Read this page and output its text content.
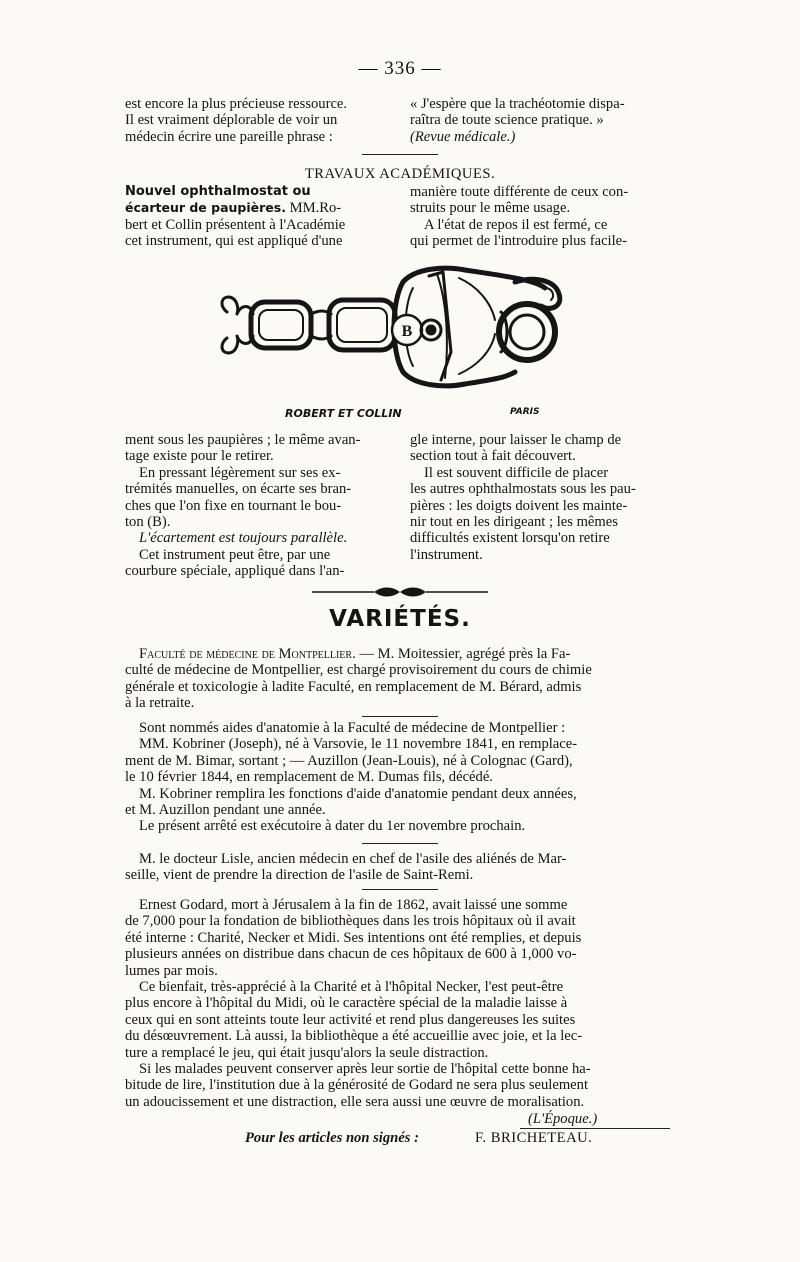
— 336 —

est encore la plus précieuse ressource.

Il est vraiment déplorable de voir un

médecin écrire une pareille phrase :

« J'espère que la trachéotomie dispa-

raîtra de toute science pratique. »

(Revue médicale.)

TRAVAUX ACADÉMIQUES.

Nouvel ophthalmostat ou

écarteur de paupières. MM.Ro-

bert et Collin présentent à l'Académie

cet instrument, qui est appliqué d'une

manière toute différente de ceux con-

struits pour le même usage.

A l'état de repos il est fermé, ce

qui permet de l'introduire plus facile-

B
ROBERT ET COLLIN	PARIS

ment sous les paupières ; le même avan-

tage existe pour le retirer.

En pressant légèrement sur ses ex-

trémités manuelles, on écarte ses bran-

ches que l'on fixe en tournant le bou-

ton (B).

L'écartement est toujours parallèle.

Cet instrument peut être, par une

courbure spéciale, appliqué dans l'an-

gle interne, pour laisser le champ de

section tout à fait découvert.

Il est souvent difficile de placer

les autres ophthalmostats sous les pau-

pières : les doigts doivent les mainte-

nir tout en les dirigeant ; les mêmes

difficultés existent lorsqu'on retire

l'instrument.

VARIÉTÉS.

Faculté de médecine de Montpellier. — M. Moitessier, agrégé près la Fa-

culté de médecine de Montpellier, est chargé provisoirement du cours de chimie

générale et toxicologie à ladite Faculté, en remplacement de M. Bérard, admis

à la retraite.

Sont nommés aides d'anatomie à la Faculté de médecine de Montpellier :

MM. Kobriner (Joseph), né à Varsovie, le 11 novembre 1841, en remplace-

ment de M. Bimar, sortant ; — Auzillon (Jean-Louis), né à Colognac (Gard),

le 10 février 1844, en remplacement de M. Dumas fils, décédé.

M. Kobriner remplira les fonctions d'aide d'anatomie pendant deux années,

et M. Auzillon pendant une année.

Le présent arrêté est exécutoire à dater du 1er novembre prochain.

M. le docteur Lisle, ancien médecin en chef de l'asile des aliénés de Mar-

seille, vient de prendre la direction de l'asile de Saint-Remi.

Ernest Godard, mort à Jérusalem à la fin de 1862, avait laissé une somme

de 7,000 pour la fondation de bibliothèques dans les trois hôpitaux où il avait

été interne : Charité, Necker et Midi. Ses intentions ont été remplies, et depuis

plusieurs années on distribue dans chacun de ces hôpitaux de 600 à 1,000 vo-

lumes par mois.

Ce bienfait, très-apprécié à la Charité et à l'hôpital Necker, l'est peut-être

plus encore à l'hôpital du Midi, où le caractère spécial de la maladie laisse à

ceux qui en sont atteints toute leur activité et rend plus dangereuses les suites

du désœuvrement. Là aussi, la bibliothèque a été accueillie avec joie, et la lec-

ture a remplacé le jeu, qui était jusqu'alors la seule distraction.

Si les malades peuvent conserver après leur sortie de l'hôpital cette bonne ha-

bitude de lire, l'institution due à la générosité de Godard ne sera plus seulement

un adoucissement et une distraction, elle sera aussi une œuvre de moralisation.

(L'Époque.)
Pour les articles non signés :	F. BRICHETEAU.
